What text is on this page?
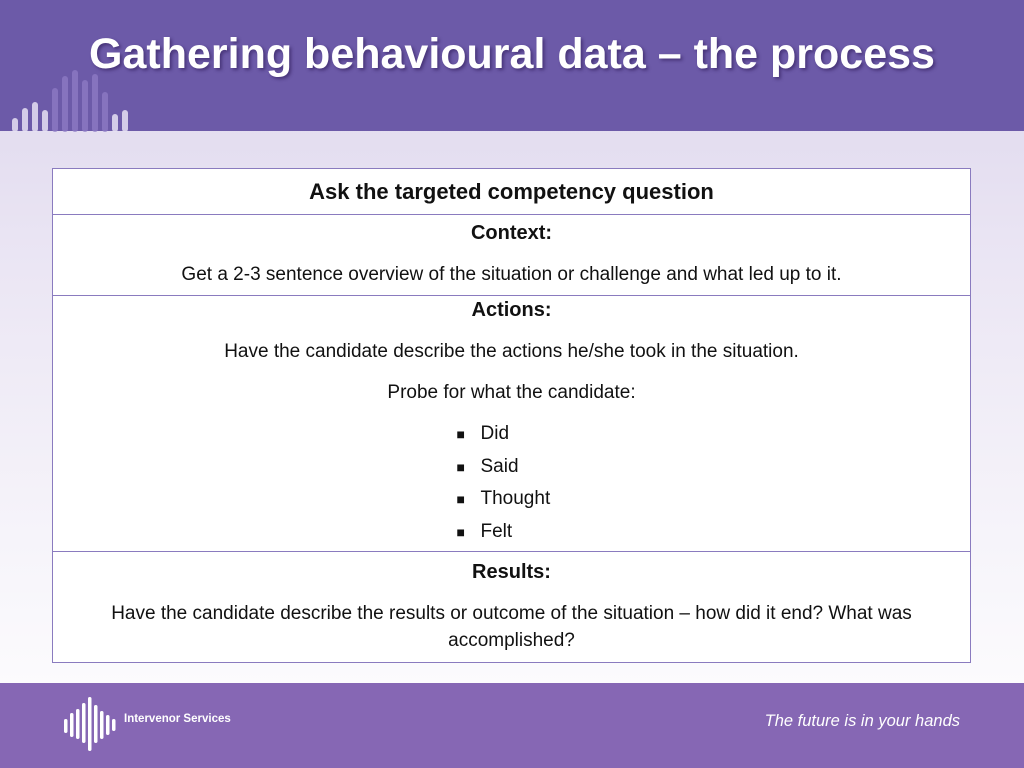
Gathering behavioural data – the process
Ask the targeted competency question

Context:
Get a 2-3 sentence overview of the situation or challenge and what led up to it.

Actions:
Have the candidate describe the actions he/she took in the situation.
Probe for what the candidate:
■ Did
■ Said
■ Thought
■ Felt

Results:
Have the candidate describe the results or outcome of the situation – how did it end? What was accomplished?
Intervenor Services	The future is in your hands
